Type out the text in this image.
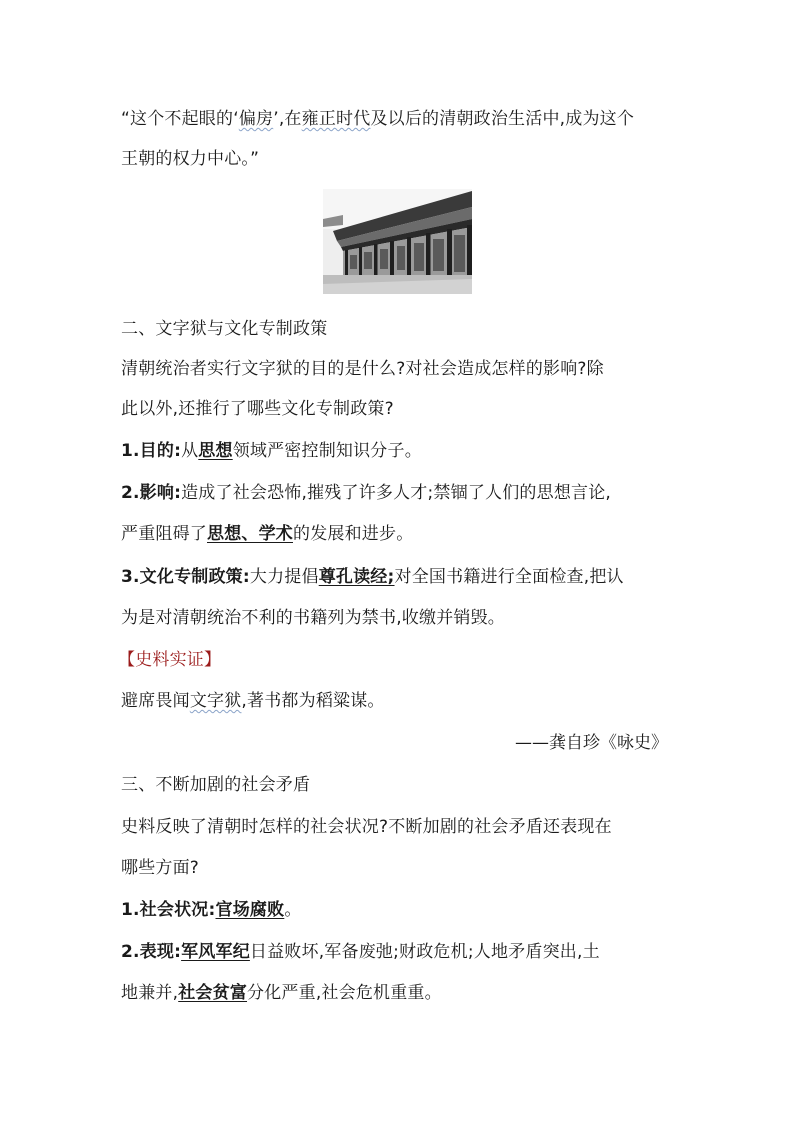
“这个不起眼的‘偏房’,在雍正时代及以后的清朝政治生活中,成为这个
王朝的权力中心。”
二、文字狱与文化专制政策
清朝统治者实行文字狱的目的是什么?对社会造成怎样的影响?除
此以外,还推行了哪些文化专制政策?
1.目的:从思想领域严密控制知识分子。
2.影响:造成了社会恐怖,摧残了许多人才;禁锢了人们的思想言论,
严重阻碍了思想、学术的发展和进步。
3.文化专制政策:大力提倡尊孔读经;对全国书籍进行全面检查,把认
为是对清朝统治不利的书籍列为禁书,收缴并销毁。
【史料实证】
避席畏闻文字狱,著书都为稻粱谋。
——龚自珍《咏史》
三、不断加剧的社会矛盾
史料反映了清朝时怎样的社会状况?不断加剧的社会矛盾还表现在
哪些方面?
1.社会状况:官场腐败。
2.表现:军风军纪日益败坏,军备废弛;财政危机;人地矛盾突出,土
地兼并,社会贫富分化严重,社会危机重重。
